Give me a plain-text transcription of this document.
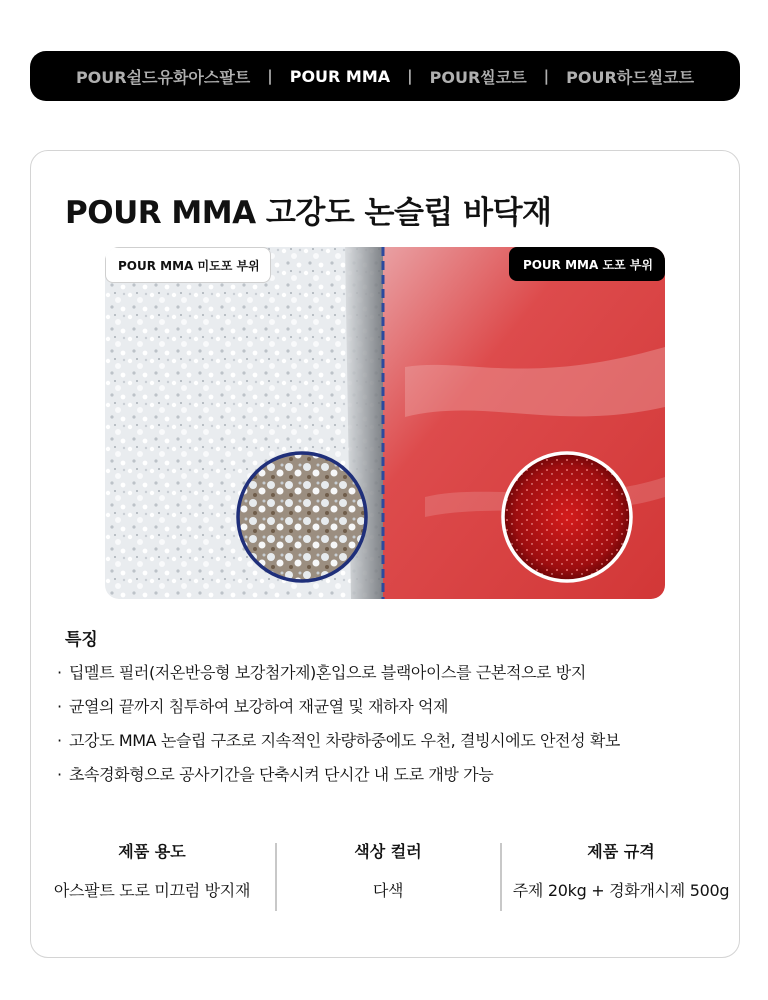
POUR쉴드유화아스팔트 | POUR MMA | POUR씰코트 | POUR하드씰코트
POUR MMA 고강도 논슬립 바닥재
POUR MMA 미도포 부위	POUR MMA 도포 부위
특징
· 딥멜트 필러(저온반응형 보강첨가제)혼입으로 블랙아이스를 근본적으로 방지
· 균열의 끝까지 침투하여 보강하여 재균열 및 재하자 억제
· 고강도 MMA 논슬립 구조로 지속적인 차량하중에도 우천, 결빙시에도 안전성 확보
· 초속경화형으로 공사기간을 단축시켜 단시간 내 도로 개방 가능
제품 용도
아스팔트 도로 미끄럼 방지재
색상 컬러
다색
제품 규격
주제 20kg + 경화개시제 500g
